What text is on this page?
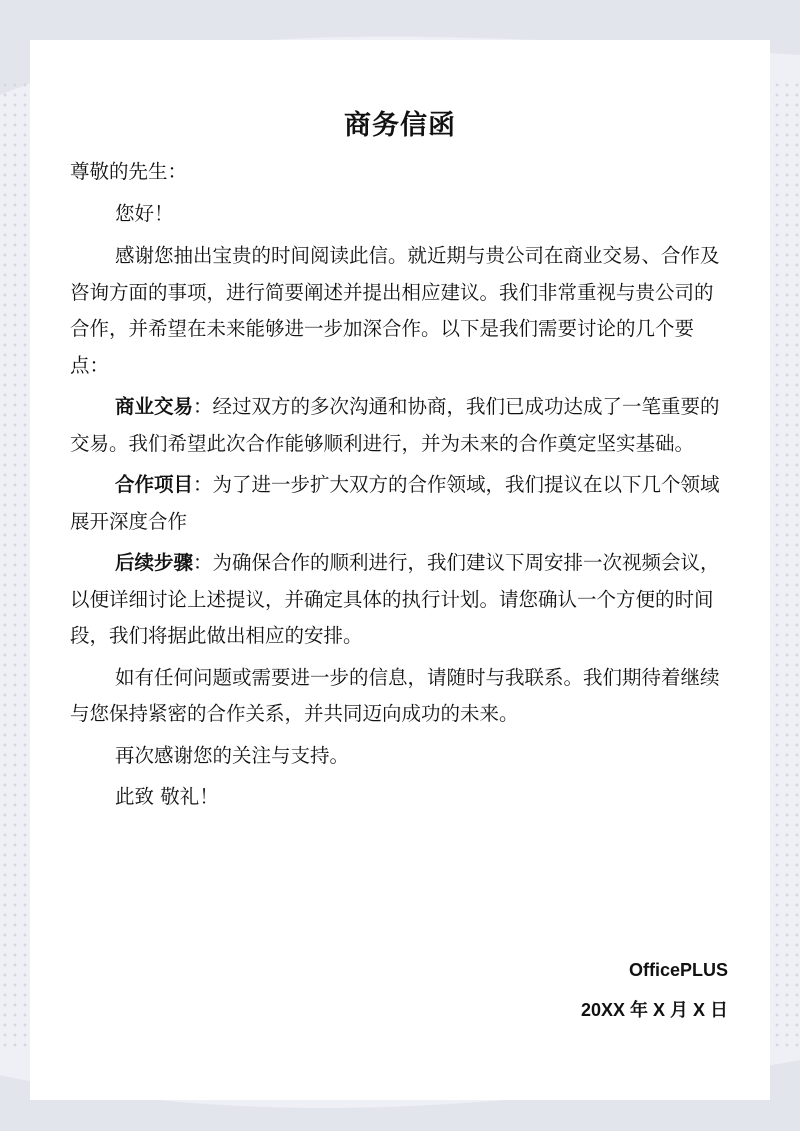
商务信函

尊敬的先生：

您好！

感谢您抽出宝贵的时间阅读此信。就近期与贵公司在商业交易、合作及咨询方面的事项，进行简要阐述并提出相应建议。我们非常重视与贵公司的合作，并希望在未来能够进一步加深合作。以下是我们需要讨论的几个要点：

商业交易：经过双方的多次沟通和协商，我们已成功达成了一笔重要的交易。我们希望此次合作能够顺利进行，并为未来的合作奠定坚实基础。

合作项目：为了进一步扩大双方的合作领域，我们提议在以下几个领域展开深度合作

后续步骤：为确保合作的顺利进行，我们建议下周安排一次视频会议，以便详细讨论上述提议，并确定具体的执行计划。请您确认一个方便的时间段，我们将据此做出相应的安排。

如有任何问题或需要进一步的信息，请随时与我联系。我们期待着继续与您保持紧密的合作关系，并共同迈向成功的未来。

再次感谢您的关注与支持。

此致 敬礼！

OfficePLUS
20XX 年 X 月 X 日
